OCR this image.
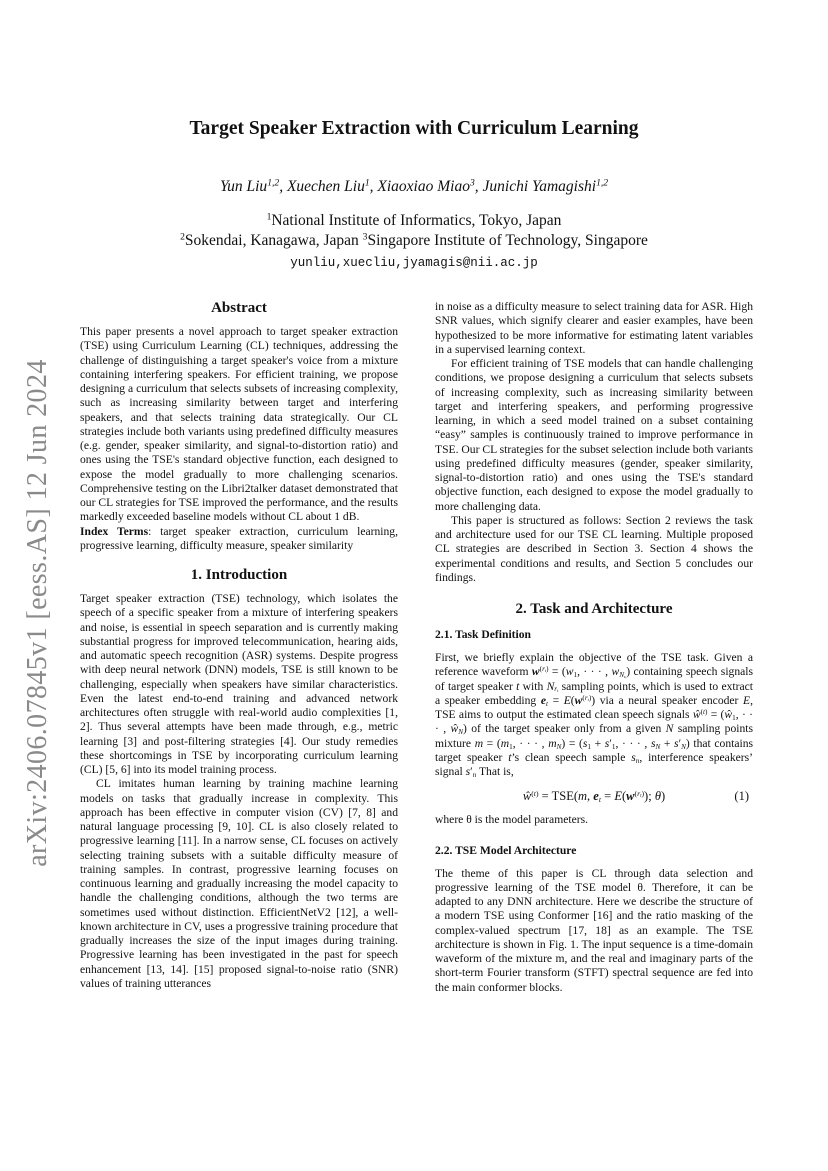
arXiv:2406.07845v1 [eess.AS] 12 Jun 2024
Target Speaker Extraction with Curriculum Learning
Yun Liu$^{1,2}$, Xuechen Liu$^1$, Xiaoxiao Miao$^3$, Junichi Yamagishi$^{1,2}$
$^1$National Institute of Informatics, Tokyo, Japan
$^2$Sokendai, Kanagawa, Japan $^3$Singapore Institute of Technology, Singapore
yunliu,xuecliu,jyamagis@nii.ac.jp
Abstract

This paper presents a novel approach to target speaker extraction (TSE) using Curriculum Learning (CL) techniques, addressing the challenge of distinguishing a target speaker's voice from a mixture containing interfering speakers. For efficient training, we propose designing a curriculum that selects subsets of increasing complexity, such as increasing similarity between target and interfering speakers, and that selects training data strategically. Our CL strategies include both variants using predefined difficulty measures (e.g. gender, speaker similarity, and signal-to-distortion ratio) and ones using the TSE's standard objective function, each designed to expose the model gradually to more challenging scenarios. Comprehensive testing on the Libri2talker dataset demonstrated that our CL strategies for TSE improved the performance, and the results markedly exceeded baseline models without CL about 1 dB.

Index Terms: target speaker extraction, curriculum learning, progressive learning, difficulty measure, speaker similarity

1. Introduction

Target speaker extraction (TSE) technology, which isolates the speech of a specific speaker from a mixture of interfering speakers and noise, is essential in speech separation and is currently making substantial progress for improved telecommunication, hearing aids, and automatic speech recognition (ASR) systems. Despite progress with deep neural network (DNN) models, TSE is still known to be challenging, especially when speakers have similar characteristics. Even the latest end-to-end training and advanced network architectures often struggle with real-world audio complexities [1, 2]. Thus several attempts have been made through, e.g., metric learning [3] and post-filtering strategies [4]. Our study remedies these shortcomings in TSE by incorporating curriculum learning (CL) [5, 6] into its model training process.

CL imitates human learning by training machine learning models on tasks that gradually increase in complexity. This approach has been effective in computer vision (CV) [7, 8] and natural language processing [9, 10]. CL is also closely related to progressive learning [11]. In a narrow sense, CL focuses on actively selecting training subsets with a suitable difficulty measure of training samples. In contrast, progressive learning focuses on continuous learning and gradually increasing the model capacity to handle the challenging conditions, although the two terms are sometimes used without distinction. EfficientNetV2 [12], a well-known architecture in CV, uses a progressive training procedure that gradually increases the size of the input images during training. Progressive learning has been investigated in the past for speech enhancement [13, 14]. [15] proposed signal-to-noise ratio (SNR) values of training utterances

in noise as a difficulty measure to select training data for ASR. High SNR values, which signify clearer and easier examples, have been hypothesized to be more informative for estimating latent variables in a supervised learning context.

For efficient training of TSE models that can handle challenging conditions, we propose designing a curriculum that selects subsets of increasing complexity, such as increasing similarity between target and interfering speakers, and performing progressive learning, in which a seed model trained on a subset containing “easy” samples is continuously trained to improve performance in TSE. Our CL strategies for the subset selection include both variants using predefined difficulty measures (gender, speaker similarity, signal-to-distortion ratio) and ones using the TSE's standard objective function, each designed to expose the model gradually to more challenging data.

This paper is structured as follows: Section 2 reviews the task and architecture used for our TSE CL learning. Multiple proposed CL strategies are described in Section 3. Section 4 shows the experimental conditions and results, and Section 5 concludes our findings.

2. Task and Architecture
2.1. Task Definition

First, we briefly explain the objective of the TSE task. Given a reference waveform $w^{(r_t)} = (w_1$, · · · , $w_{N_{r_t}}$) containing speech signals of target speaker t with $N_{r_t}$ sampling points, which is used to extract a speaker embedding $e_t = E(w^{(r_t)})$ via a neural speaker encoder E, TSE aims to output the estimated clean speech signals $ŵ^{(t)}$ = ($ŵ_1$, · · · , $ŵ_N$) of the target speaker only from a given N sampling points mixture $m = (m_1$, · · · , $m_N) = (s_1 + s'_1$, · · · , $s_N + s'_N$) that contains target speaker t’s clean speech sample $s_n$, interference speakers’ signal $s'_n$ That is,

$ŵ^{(t)} = TSE(m$, $e_t = E(w^{(r_t)})$; θ)	(1)

where θ is the model parameters.

2.2. TSE Model Architecture

The theme of this paper is CL through data selection and progressive learning of the TSE model θ. Therefore, it can be adapted to any DNN architecture. Here we describe the structure of a modern TSE using Conformer [16] and the ratio masking of the complex-valued spectrum [17, 18] as an example. The TSE architecture is shown in Fig. 1. The input sequence is a time-domain waveform of the mixture m, and the real and imaginary parts of the short-term Fourier transform (STFT) spectral sequence are fed into the main conformer blocks.
